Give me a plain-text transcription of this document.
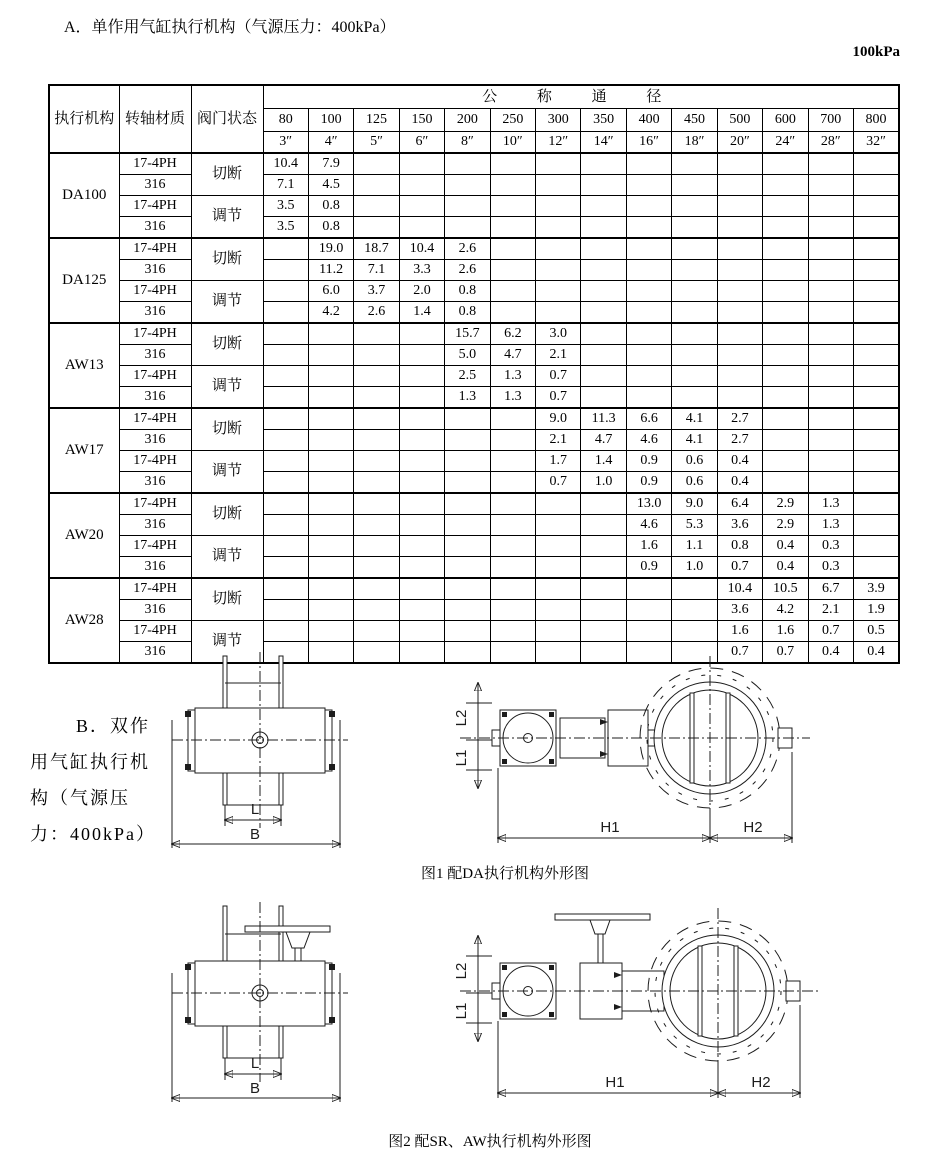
A．单作用气缸执行机构（气源压力：400kPa）
100kPa
执行机构	转轴材质	阀门状态	公 称 通 径													
			80	100	125	150	200	250	300	350	400	450	500	600	700	800
			3″	4″	5″	6″	8″	10″	12″	14″	16″	18″	20″	24″	28″	32″
DA100	17-4PH	切断	10.4	7.9												
	316		7.1	4.5												
	17-4PH	调节	3.5	0.8												
	316		3.5	0.8												
DA125	17-4PH	切断		19.0	18.7	10.4	2.6									
	316			11.2	7.1	3.3	2.6									
	17-4PH	调节		6.0	3.7	2.0	0.8									
	316			4.2	2.6	1.4	0.8									
AW13	17-4PH	切断					15.7	6.2	3.0							
	316						5.0	4.7	2.1							
	17-4PH	调节					2.5	1.3	0.7							
	316						1.3	1.3	0.7							
AW17	17-4PH	切断							9.0	11.3	6.6	4.1	2.7			
	316								2.1	4.7	4.6	4.1	2.7			
	17-4PH	调节							1.7	1.4	0.9	0.6	0.4			
	316								0.7	1.0	0.9	0.6	0.4			
AW20	17-4PH	切断									13.0	9.0	6.4	2.9	1.3	
	316										4.6	5.3	3.6	2.9	1.3	
	17-4PH	调节									1.6	1.1	0.8	0.4	0.3	
	316										0.9	1.0	0.7	0.4	0.3	
AW28	17-4PH	切断											10.4	10.5	6.7	3.9
	316												3.6	4.2	2.1	1.9
	17-4PH	调节											1.6	1.6	0.7	0.5
	316												0.7	0.7	0.4	0.4
B．双作
用气缸执行机
构（气源压
力：400kPa）
L
B
L2
L1
H1	H2
图1 配DA执行机构外形图
L
B
L2
L1
H1	H2
图2 配SR、AW执行机构外形图
